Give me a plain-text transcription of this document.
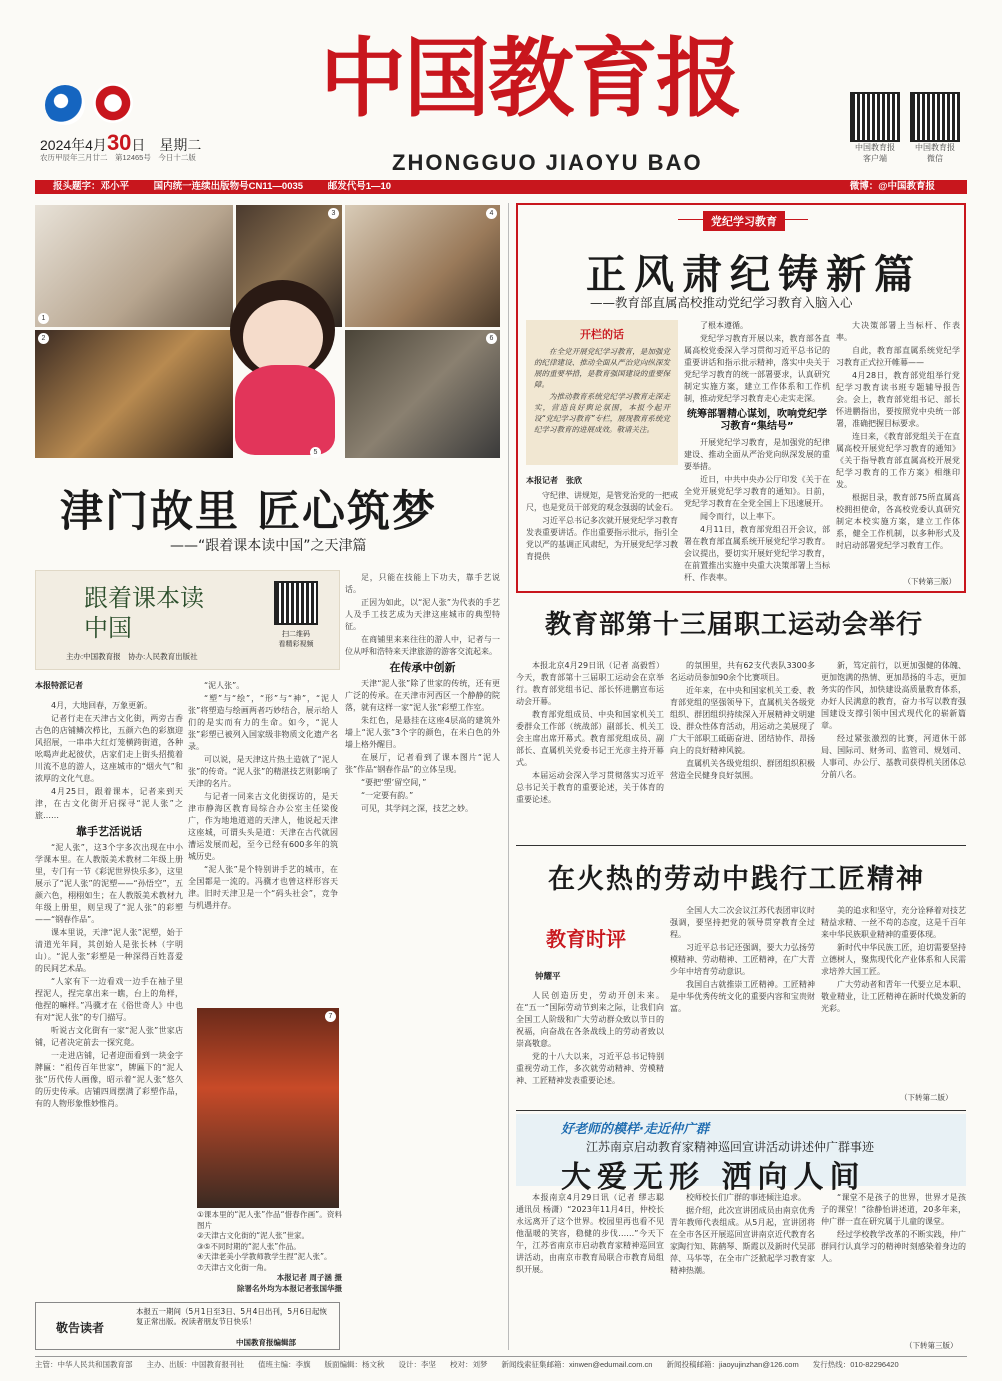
2024年4月30日　 星期二
农历甲辰年三月廿二　第12465号　今日十二版
中国教育报
ZHONGGUO JIAOYU BAO
中国教育报
客户端
中国教育报
微信
报头题字：邓小平	国内统一连续出版物号CN11—0035	邮发代号1—10	微博：@中国教育报
1
3	4
2	6
5
津门故里 匠心筑梦
——“跟着课本读中国”之天津篇
跟着课本读中国
主办:中国教育报　协办:人民教育出版社
扫二维码
看精彩视频
本报特派记者

4月，大地回春，万象更新。

记者行走在天津古文化街，两旁古香古色的店铺鳞次栉比，五颜六色的彩旗迎风招展，一串串大红灯笼横跨街道，各种吆喝声此起彼伏，店家们走上街头招揽着川流不息的游人，这座城市的“烟火气”和浓厚的文化气息。

4月25日，跟着课本，记者来到天津，在古文化街开启探寻“泥人张”之旅……

靠手艺活说话

“泥人张”，这3个字多次出现在中小学课本里。在人教版美术教材二年级上册里，专门有一节《彩泥世界快乐多》，这里展示了“泥人张”的泥塑——“孙悟空”，五颜六色，栩栩如生；在人教版美术教材九年级上册里，则呈现了“泥人张”的彩塑——“钢春作品”。

课本里说，天津“泥人张”泥塑，始于清道光年间，其创始人是张长林（字明山）。“泥人张”彩塑是一种深得百姓喜爱的民间艺术品。

“人家有下一边看戏一边手在袖子里捏泥人，捏完拿出来一瞧，台上的角样，他捏的嘛样。”冯骥才在《俗世奇人》中也有对“泥人张”的专门描写。

听说古文化街有一家“泥人张”世家店铺，记者决定前去一探究竟。

一走进店铺，记者迎面看到一块金字牌匾：“祖传百年世家”，牌匾下的“泥人张”历代传人画像，昭示着“泥人张”悠久的历史传承。店铺四周摆满了彩塑作品，有的人物形象惟妙惟肖。

“泥人张”。

“塑”与“绘”，“形”与“神”，“泥人张”将塑造与绘画两者巧妙结合，展示给人们的是实而有力的生命。如今，“泥人张”彩塑已被列入国家级非物质文化遗产名录。

可以说，是天津这片热土造就了“泥人张”的传奇。“泥人张”的精湛技艺则影响了天津的名片。

与记者一同来古文化街探访的，是天津市静海区教育局综合办公室主任梁俊广，作为地地道道的天津人，他说起天津这座城，可谓头头是道：天津在古代就因漕运发展而起，至今已经有600多年的筑城历史。

“泥人张”是个特别讲手艺的城市，在全国都是一流的。冯骥才也曾这样形容天津。旧时天津卫是一个“码头社会”，竞争与机遇并存。

足，只能在技能上下功夫，靠手艺说话。

正因为如此，以“泥人张”为代表的手艺人及手工技艺成为天津这座城市的典型特征。

在商铺里来来往往的游人中，记者与一位从呼和浩特来天津旅游的游客交流起来。

在传承中创新

天津“泥人张”除了世家的传统，还有更广泛的传承。在天津市河西区一个静静的院落，就有这样一家“泥人张”彩塑工作室。

朱红色，是悬挂在这座4层高的建筑外墙上“泥人张”3个字的颜色，在米白色的外墙上格外醒目。

在展厅，记者看到了课本图片“泥人张”作品“钢春作品”的立体呈现。

“要把‘塑’留空间，”

“一定要有韵。”

可见，其学问之深，技艺之妙。

7
①课本里的“泥人张”作品“惜春作画”。资料图片
②天津古文化街的“泥人张”世家。
③⑤不同时期的“泥人张”作品。
④天津老美小学教师教学生捏“泥人张”。
⑦天津古文化街一角。
本报记者 周子涵 摄
除署名外均为本报记者张国华摄
敬告读者
本报五一期间（5月1日至3日、5月4日出刊，5月6日起恢复正常出版。祝读者朋友节日快乐！
中国教育报编辑部
党纪学习教育
正风肃纪铸新篇
——教育部直属高校推动党纪学习教育入脑入心
开栏的话

在全党开展党纪学习教育，是加强党的纪律建设、推动全面从严治党向纵深发展的重要举措，是教育强国建设的重要保障。

为推动教育系统党纪学习教育走深走实，营造良好舆论氛围，本报今起开设“党纪学习教育”专栏，展现教育系统党纪学习教育的进展成效。敬请关注。

本报记者　张欣

守纪律、讲规矩，是管党治党的一把戒尺，也是党员干部党的观念强弱的试金石。

习近平总书记多次就开展党纪学习教育发表重要讲话。作出重要指示批示，指引全党以严的基调正风肃纪，为开展党纪学习教育提供

了根本遵循。

党纪学习教育开展以来，教育部各直属高校党委深入学习贯彻习近平总书记的重要讲话和指示批示精神，落实中央关于党纪学习教育的统一部署要求，认真研究制定实施方案，建立工作体系和工作机制，推动党纪学习教育走心走实走深。

统筹部署精心谋划，吹响党纪学习教育“集结号”

开展党纪学习教育，是加强党的纪律建设、推动全面从严治党向纵深发展的重要举措。

近日，中共中央办公厅印发《关于在全党开展党纪学习教育的通知》。日前，党纪学习教育在全党全国上下迅速展开。

闻令而行，以上率下。

4月11日，教育部党组召开会议，部署在教育部直属系统开展党纪学习教育。会议提出，要切实开展好党纪学习教育，在前置推出实施中央重大决策部署上当标杆、作表率。

大决策部署上当标杆、作表率。

自此，教育部直属系统党纪学习教育正式拉开帷幕——

4月28日，教育部党组举行党纪学习教育读书班专题辅导报告会。会上，教育部党组书记、部长怀进鹏指出，要按照党中央统一部署，准确把握目标要求。

连日来，《教育部党组关于在直属高校开展党纪学习教育的通知》《关于指导教育部直属高校开展党纪学习教育的工作方案》相继印发。

根据目录，教育部75所直属高校拥担使命，各高校党委认真研究制定本校实施方案，建立工作体系，健全工作机制，以多种形式及时启动部署党纪学习教育工作。

（下转第三版）
教育部第十三届职工运动会举行

本报北京4月29日讯（记者 高毅哲）今天，教育部第十三届职工运动会在京举行。教育部党组书记、部长怀进鹏宣布运动会开幕。

教育部党组成员、中央和国家机关工委群众工作部（统战部）副部长、机关工会主席出席开幕式。教育部党组成员、副部长、直属机关党委书记王光彦主持开幕式。

本届运动会深入学习贯彻落实习近平总书记关于教育的重要论述，关于体育的重要论述。

的氛围里，共有62支代表队3300多名运动员参加90余个比赛项目。

近年来，在中央和国家机关工委、教育部党组的坚强领导下，直属机关各级党组织、群团组织持续深入开展精神文明建设、群众性体育活动，用运动之美展现了广大干部职工砥砺奋进、团结协作、昂扬向上的良好精神风貌。

直属机关各级党组织、群团组织积极营造全民健身良好氛围。

新，笃定前行，以更加强健的体魄、更加饱满的热情、更加昂扬的斗志，更加务实的作风，加快建设高质量教育体系，办好人民满意的教育，奋力书写以教育强国建设支撑引领中国式现代化的崭新篇章。

经过紧张激烈的比赛，河道休干部局、国际司、财务司、监管司、规划司、人事司、办公厅、基教司获得机关团体总分前八名。

在火热的劳动中践行工匠精神
教育时评
钟耀平

人民创造历史，劳动开创未来。在“五一”国际劳动节到来之际，让我们向全国工人阶级和广大劳动群众致以节日的祝福，向奋战在各条战线上的劳动者致以崇高敬意。

党的十八大以来，习近平总书记特别重视劳动工作，多次就劳动精神、劳模精神、工匠精神发表重要论述。

全国人大二次会议江苏代表团审议时强调，要坚持把党的领导贯穿教育全过程。

习近平总书记还强调，要大力弘扬劳模精神、劳动精神、工匠精神，在广大青少年中培育劳动意识。

我国自古就推崇工匠精神。工匠精神是中华优秀传统文化的重要内容和宝贵财富。

美的追求和坚守，充分诠释着对技艺精益求精、一丝不苟的态度，这是千百年来中华民族职业精神的重要体现。

新时代中华民族工匠，迫切需要坚持立德树人，聚焦现代化产业体系和人民需求培养大国工匠。

广大劳动者和青年一代要立足本职、敬业精业，让工匠精神在新时代焕发新的光彩。

（下转第二版）
好老师的模样·走近仲广群
江苏南京启动教育家精神巡回宣讲活动讲述仲广群事迹
大爱无形 洒向人间

本报南京4月29日讯（记者 缪志聪　通讯员 杨潇）“2023年11月4日，仲校长永远离开了这个世界。校园里再也看不见他温暖的笑容，稳健的步伐……”今天下午，江苏省南京市启动教育家精神巡回宣讲活动，由南京市教育局联合市教育局组织开展。

校师校长们广群的事迹倾注追求。

据介绍，此次宣讲团成员由南京优秀青年教师代表组成。从5月起，宣讲团将在全市各区开展巡回宣讲南京近代教育名家陶行知、陈鹤琴、斯霞以及新时代吴邵萍、马华等，在全市广泛掀起学习教育家精神热潮。

“课堂不是孩子的世界，世界才是孩子的课堂！”徐静怡讲述道，20多年来，仲广群一直在研究属于儿童的课堂。

经过学校教学改革的不断实践，仲广群同行认真学习的精神时刻感染着身边的人。

（下转第三版）
主管：中华人民共和国教育部 主办、出版：中国教育报刊社 值班主编：李旗 版面编辑：杨文秋 设计：李坚 校对：刘梦 新闻线索征集邮箱：xinwen@edumail.com.cn 新闻投稿邮箱：jiaoyujinzhan@126.com 发行热线：010-82296420
